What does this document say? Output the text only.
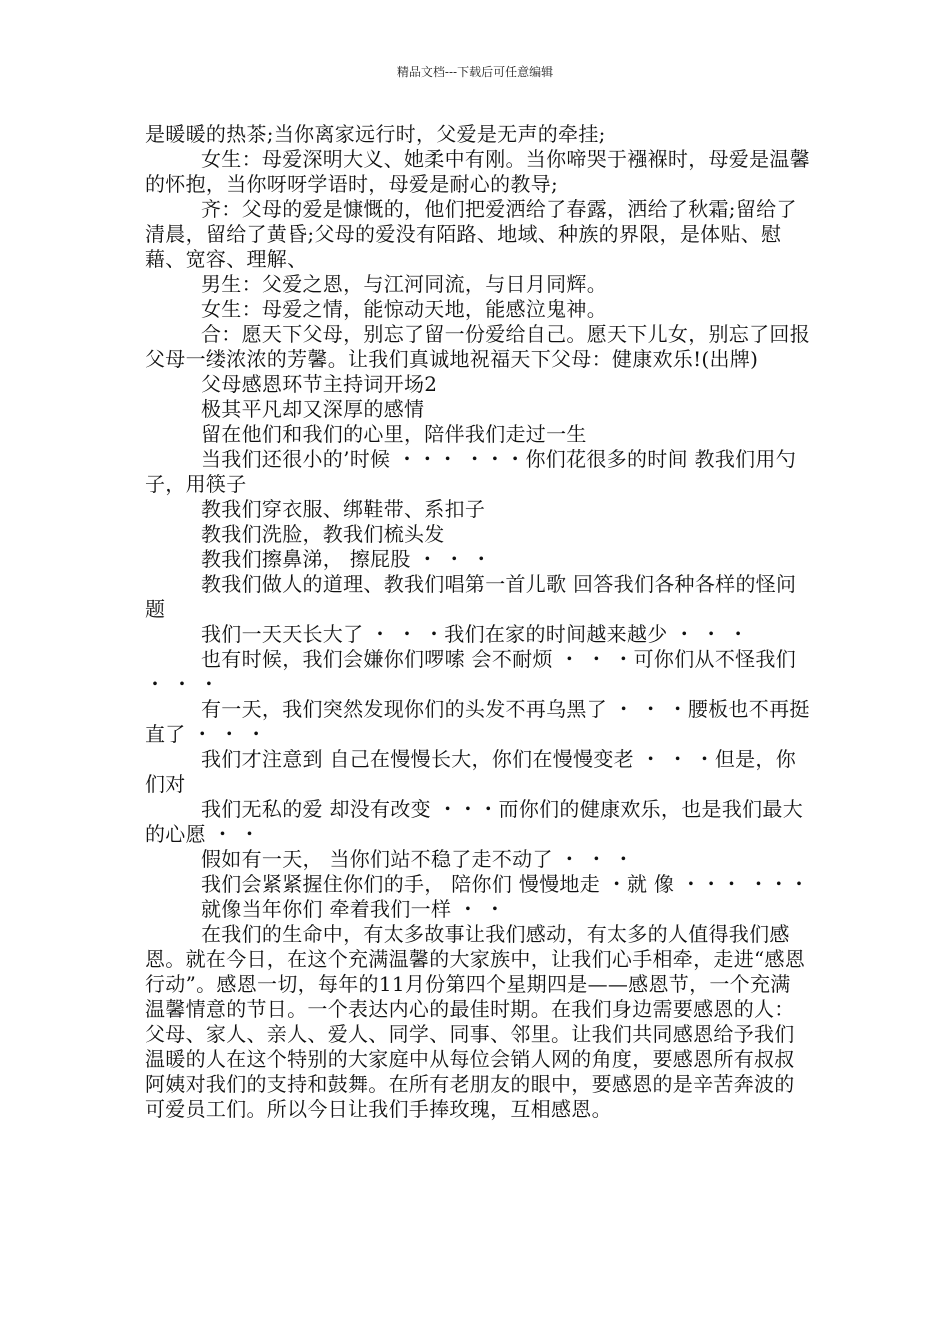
精品文档---下载后可任意编辑

是暖暖的热茶;当你离家远行时，父爱是无声的牵挂;

女生：母爱深明大义、她柔中有刚。当你啼哭于襁褓时，母爱是温馨的怀抱，当你呀呀学语时，母爱是耐心的教导;

齐：父母的爱是慷慨的，他们把爱洒给了春露，洒给了秋霜;留给了清晨，留给了黄昏;父母的爱没有陌路、地域、种族的界限，是体贴、慰藉、宽容、理解、

男生：父爱之恩，与江河同流，与日月同辉。

女生：母爱之情，能惊动天地，能感泣鬼神。

合：愿天下父母，别忘了留一份爱给自己。愿天下儿女，别忘了回报父母一缕浓浓的芳馨。让我们真诚地祝福天下父母：健康欢乐!(出牌)

父母感恩环节主持词开场2

极其平凡却又深厚的感情

留在他们和我们的心里，陪伴我们走过一生

当我们还很小的’时候 ・・・ ・・・你们花很多的时间 教我们用勺子，用筷子

教我们穿衣服、绑鞋带、系扣子

教我们洗脸，教我们梳头发

教我们擦鼻涕， 擦屁股 ・ ・ ・

教我们做人的道理、教我们唱第一首儿歌 回答我们各种各样的怪问题

我们一天天长大了 ・ ・ ・我们在家的时间越来越少 ・ ・ ・

也有时候，我们会嫌你们啰嗦 会不耐烦 ・ ・ ・可你们从不怪我们 ・ ・ ・

有一天，我们突然发现你们的头发不再乌黑了 ・ ・ ・腰板也不再挺直了 ・ ・ ・

我们才注意到 自己在慢慢长大，你们在慢慢变老 ・ ・ ・但是，你们对

我们无私的爱 却没有改变 ・・・而你们的健康欢乐，也是我们最大的心愿 ・ ・

假如有一天， 当你们站不稳了走不动了 ・ ・ ・

我们会紧紧握住你们的手， 陪你们 慢慢地走 ・就 像 ・・・ ・・・

就像当年你们 牵着我们一样 ・ ・

在我们的生命中，有太多故事让我们感动，有太多的人值得我们感恩。就在今日，在这个充满温馨的大家族中，让我们心手相牵，走进“感恩行动”。感恩一切，每年的11月份第四个星期四是——感恩节，一个充满温馨情意的节日。一个表达内心的最佳时期。在我们身边需要感恩的人：父母、家人、亲人、爱人、同学、同事、邻里。让我们共同感恩给予我们温暖的人在这个特别的大家庭中从每位会销人网的角度，要感恩所有叔叔阿姨对我们的支持和鼓舞。在所有老朋友的眼中，要感恩的是辛苦奔波的可爱员工们。所以今日让我们手捧玫瑰，互相感恩。
